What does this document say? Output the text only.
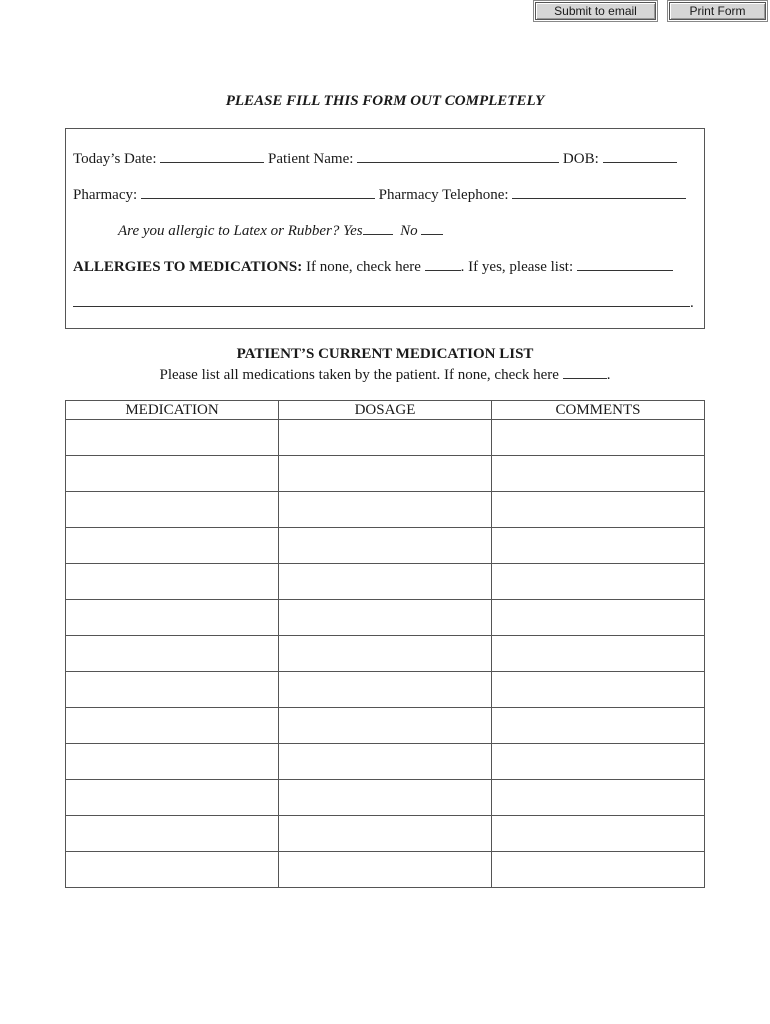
Submit to email	Print Form
PLEASE FILL THIS FORM OUT COMPLETELY
Today’s Date:	Patient Name:	DOB:
Pharmacy:	Pharmacy Telephone:
Are you allergic to Latex or Rubber? Yes	No
ALLERGIES TO MEDICATIONS: If none, check here	. If yes, please list:
.
PATIENT’S CURRENT MEDICATION LIST
Please list all medications taken by the patient. If none, check here	.
MEDICATION	DOSAGE	COMMENTS
